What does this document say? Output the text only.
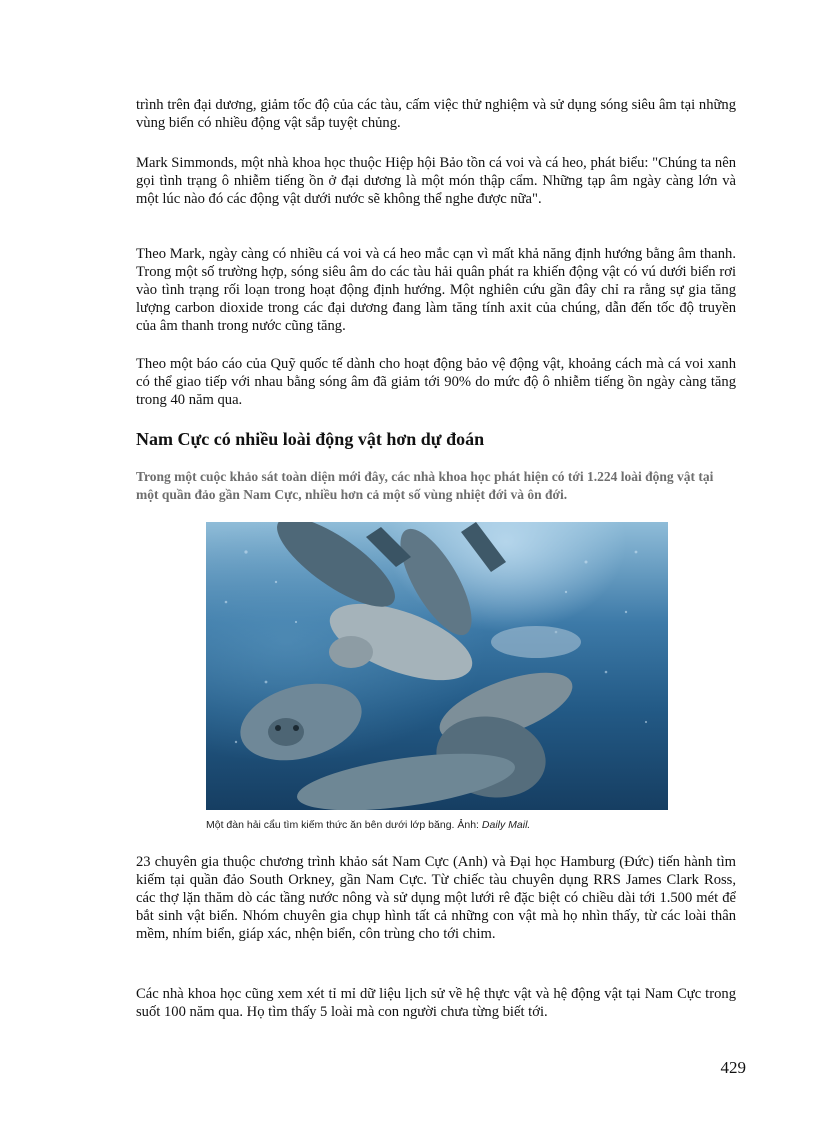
trình trên đại dương, giảm tốc độ của các tàu, cấm việc thử nghiệm và sử dụng sóng siêu âm tại những vùng biển có nhiều động vật sắp tuyệt chủng.

Mark Simmonds, một nhà khoa học thuộc Hiệp hội Bảo tồn cá voi và cá heo, phát biểu: "Chúng ta nên gọi tình trạng ô nhiễm tiếng ồn ở đại dương là một món thập cẩm. Những tạp âm ngày càng lớn và một lúc nào đó các động vật dưới nước sẽ không thể nghe được nữa".

Theo Mark, ngày càng có nhiều cá voi và cá heo mắc cạn vì mất khả năng định hướng bằng âm thanh. Trong một số trường hợp, sóng siêu âm do các tàu hải quân phát ra khiến động vật có vú dưới biển rơi vào tình trạng rối loạn trong hoạt động định hướng. Một nghiên cứu gần đây chỉ ra rằng sự gia tăng lượng carbon dioxide trong các đại dương đang làm tăng tính axit của chúng, dẫn đến tốc độ truyền của âm thanh trong nước cũng tăng.

Theo một báo cáo của Quỹ quốc tế dành cho hoạt động bảo vệ động vật, khoảng cách mà cá voi xanh có thể giao tiếp với nhau bằng sóng âm đã giảm tới 90% do mức độ ô nhiễm tiếng ồn ngày càng tăng trong 40 năm qua.

Nam Cực có nhiều loài động vật hơn dự đoán

Trong một cuộc khảo sát toàn diện mới đây, các nhà khoa học phát hiện có tới 1.224 loài động vật tại một quần đảo gần Nam Cực, nhiều hơn cả một số vùng nhiệt đới và ôn đới.

Một đàn hải cẩu tìm kiếm thức ăn bên dưới lớp băng. Ảnh: Daily Mail.

23 chuyên gia thuộc chương trình khảo sát Nam Cực (Anh) và Đại học Hamburg (Đức) tiến hành tìm kiếm tại quần đảo South Orkney, gần Nam Cực. Từ chiếc tàu chuyên dụng RRS James Clark Ross, các thợ lặn thăm dò các tầng nước nông và sử dụng một lưới rê đặc biệt có chiều dài tới 1.500 mét để bắt sinh vật biển. Nhóm chuyên gia chụp hình tất cả những con vật mà họ nhìn thấy, từ các loài thân mềm, nhím biển, giáp xác, nhện biển, côn trùng cho tới chim.

Các nhà khoa học cũng xem xét tỉ mỉ dữ liệu lịch sử về hệ thực vật và hệ động vật tại Nam Cực trong suốt 100 năm qua. Họ tìm thấy 5 loài mà con người chưa từng biết tới.

429
